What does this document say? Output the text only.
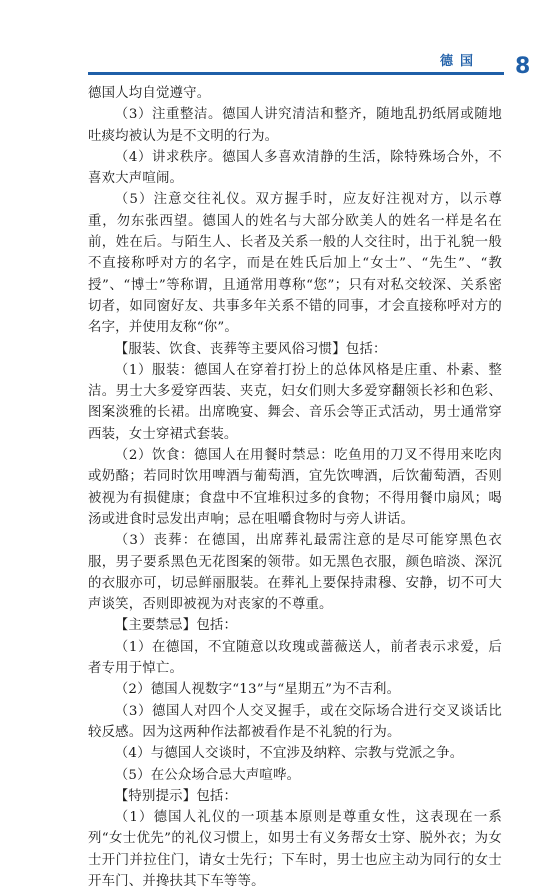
德国	8

德国人均自觉遵守。

（3）注重整洁。德国人讲究清洁和整齐，随地乱扔纸屑或随地吐痰均被认为是不文明的行为。

（4）讲求秩序。德国人多喜欢清静的生活，除特殊场合外，不喜欢大声喧闹。

（5）注意交往礼仪。双方握手时，应友好注视对方，以示尊重，勿东张西望。德国人的姓名与大部分欧美人的姓名一样是名在前，姓在后。与陌生人、长者及关系一般的人交往时，出于礼貌一般不直接称呼对方的名字，而是在姓氏后加上“女士”、“先生”、“教授”、“博士”等称谓，且通常用尊称“您”；只有对私交较深、关系密切者，如同窗好友、共事多年关系不错的同事，才会直接称呼对方的名字，并使用友称“你”。

【服装、饮食、丧葬等主要风俗习惯】包括：

（1）服装：德国人在穿着打扮上的总体风格是庄重、朴素、整洁。男士大多爱穿西装、夹克，妇女们则大多爱穿翻领长衫和色彩、图案淡雅的长裙。出席晚宴、舞会、音乐会等正式活动，男士通常穿西装，女士穿裙式套装。

（2）饮食：德国人在用餐时禁忌：吃鱼用的刀叉不得用来吃肉或奶酪；若同时饮用啤酒与葡萄酒，宜先饮啤酒，后饮葡萄酒，否则被视为有损健康；食盘中不宜堆积过多的食物；不得用餐巾扇风；喝汤或进食时忌发出声响；忌在咀嚼食物时与旁人讲话。

（3）丧葬：在德国，出席葬礼最需注意的是尽可能穿黑色衣服，男子要系黑色无花图案的领带。如无黑色衣服，颜色暗淡、深沉的衣服亦可，切忌鲜丽服装。在葬礼上要保持肃穆、安静，切不可大声谈笑，否则即被视为对丧家的不尊重。

【主要禁忌】包括：

（1）在德国，不宜随意以玫瑰或蔷薇送人，前者表示求爱，后者专用于悼亡。

（2）德国人视数字“13”与“星期五”为不吉利。

（3）德国人对四个人交叉握手，或在交际场合进行交叉谈话比较反感。因为这两种作法都被看作是不礼貌的行为。

（4）与德国人交谈时，不宜涉及纳粹、宗教与党派之争。

（5）在公众场合忌大声喧哗。

【特别提示】包括：

（1）德国人礼仪的一项基本原则是尊重女性，这表现在一系列“女士优先”的礼仪习惯上，如男士有义务帮女士穿、脱外衣；为女士开门并拉住门，请女士先行；下车时，男士也应主动为同行的女士开车门、并搀扶其下车等等。
